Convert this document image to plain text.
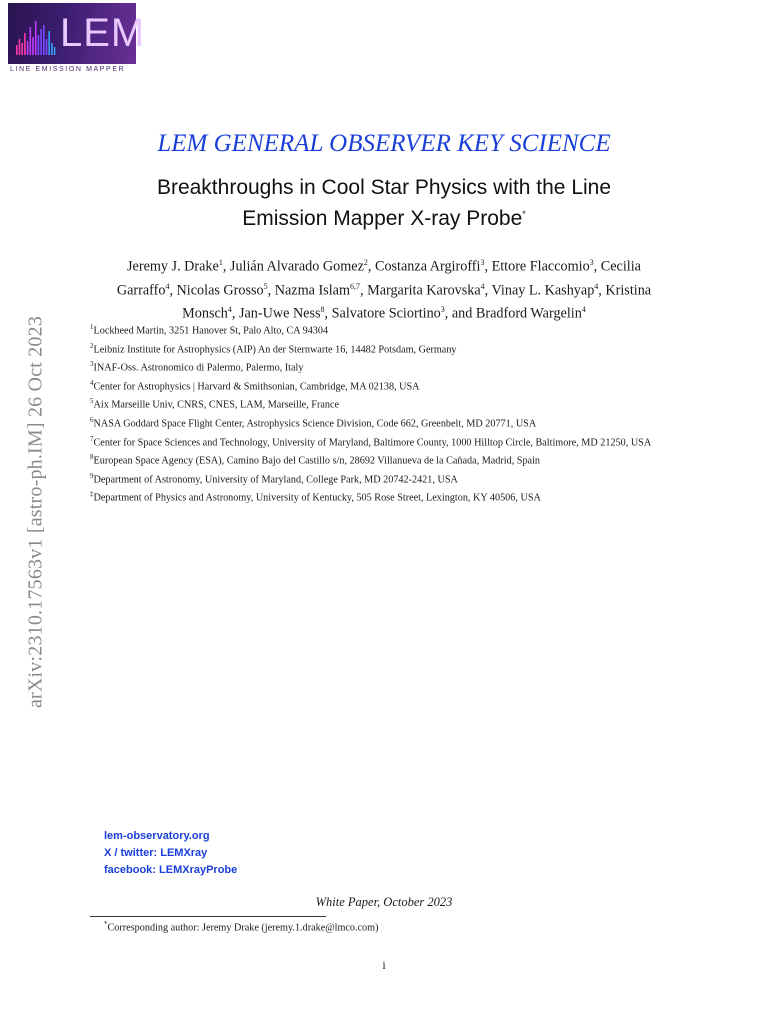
LEM
LINE EMISSION MAPPER
arXiv:2310.17563v1 [astro-ph.IM] 26 Oct 2023
LEM GENERAL OBSERVER KEY SCIENCE
Breakthroughs in Cool Star Physics with the Line
Emission Mapper X-ray Probe*
Jeremy J. Drake$^1$, Julián Alvarado Gomez$^2$, Costanza Argiroffi$^3$, Ettore Flaccomio$^3$, Cecilia Garraffo$^4$, Nicolas Grosso$^5$, Nazma Islam$^{6,7}$, Margarita Karovska$^4$, Vinay L. Kashyap$^4$, Kristina Monsch$^4$, Jan-Uwe Ness$^8$, Salvatore Sciortino$^3$, and Bradford Wargelin$^4$
$^1$Lockheed Martin, 3251 Hanover St, Palo Alto, CA 94304
$^2$Leibniz Institute for Astrophysics (AIP) An der Sternwarte 16, 14482 Potsdam, Germany
$^3$INAF-Oss. Astronomico di Palermo, Palermo, Italy
$^4$Center for Astrophysics | Harvard & Smithsonian, Cambridge, MA 02138, USA
$^5$Aix Marseille Univ, CNRS, CNES, LAM, Marseille, France
$^6$NASA Goddard Space Flight Center, Astrophysics Science Division, Code 662, Greenbelt, MD 20771, USA
$^7$Center for Space Sciences and Technology, University of Maryland, Baltimore County, 1000 Hilltop Circle, Baltimore, MD 21250, USA
$^8$European Space Agency (ESA), Camino Bajo del Castillo s/n, 28692 Villanueva de la Cañada, Madrid, Spain
$^9$Department of Astronomy, University of Maryland, College Park, MD 20742-2421, USA
‡Department of Physics and Astronomy, University of Kentucky, 505 Rose Street, Lexington, KY 40506, USA
lem-observatory.org
X / twitter: LEMXray
facebook: LEMXrayProbe
White Paper, October 2023
*Corresponding author: Jeremy Drake (jeremy.1.drake@lmco.com)
i
